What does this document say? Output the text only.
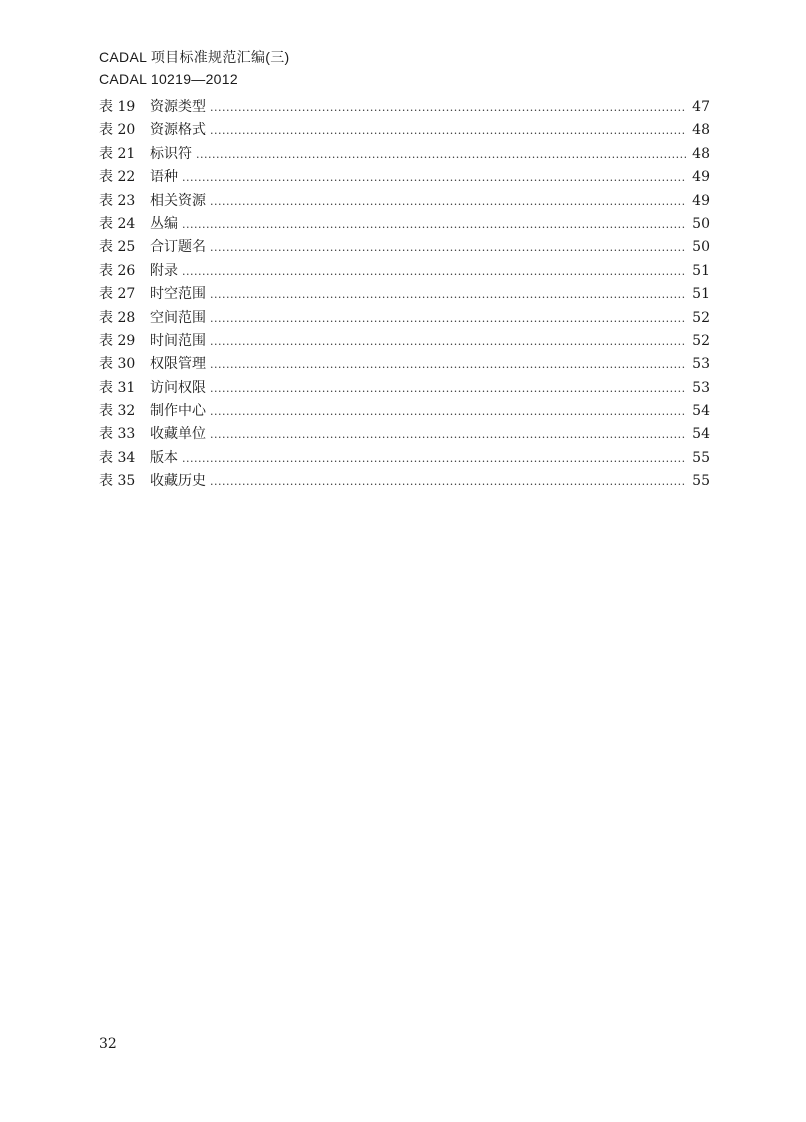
CADAL 项目标准规范汇编(三)
CADAL 10219—2012
表 19	资源类型 .....	47
表 20	资源格式 .....	48
表 21	标识符 .....	48
表 22	语种 .....	49
表 23	相关资源 .....	49
表 24	丛编 .....	50
表 25	合订题名 .....	50
表 26	附录 .....	51
表 27	时空范围 .....	51
表 28	空间范围 .....	52
表 29	时间范围 .....	52
表 30	权限管理 .....	53
表 31	访问权限 .....	53
表 32	制作中心 .....	54
表 33	收藏单位 .....	54
表 34	版本 .....	55
表 35	收藏历史 .....	55
32
